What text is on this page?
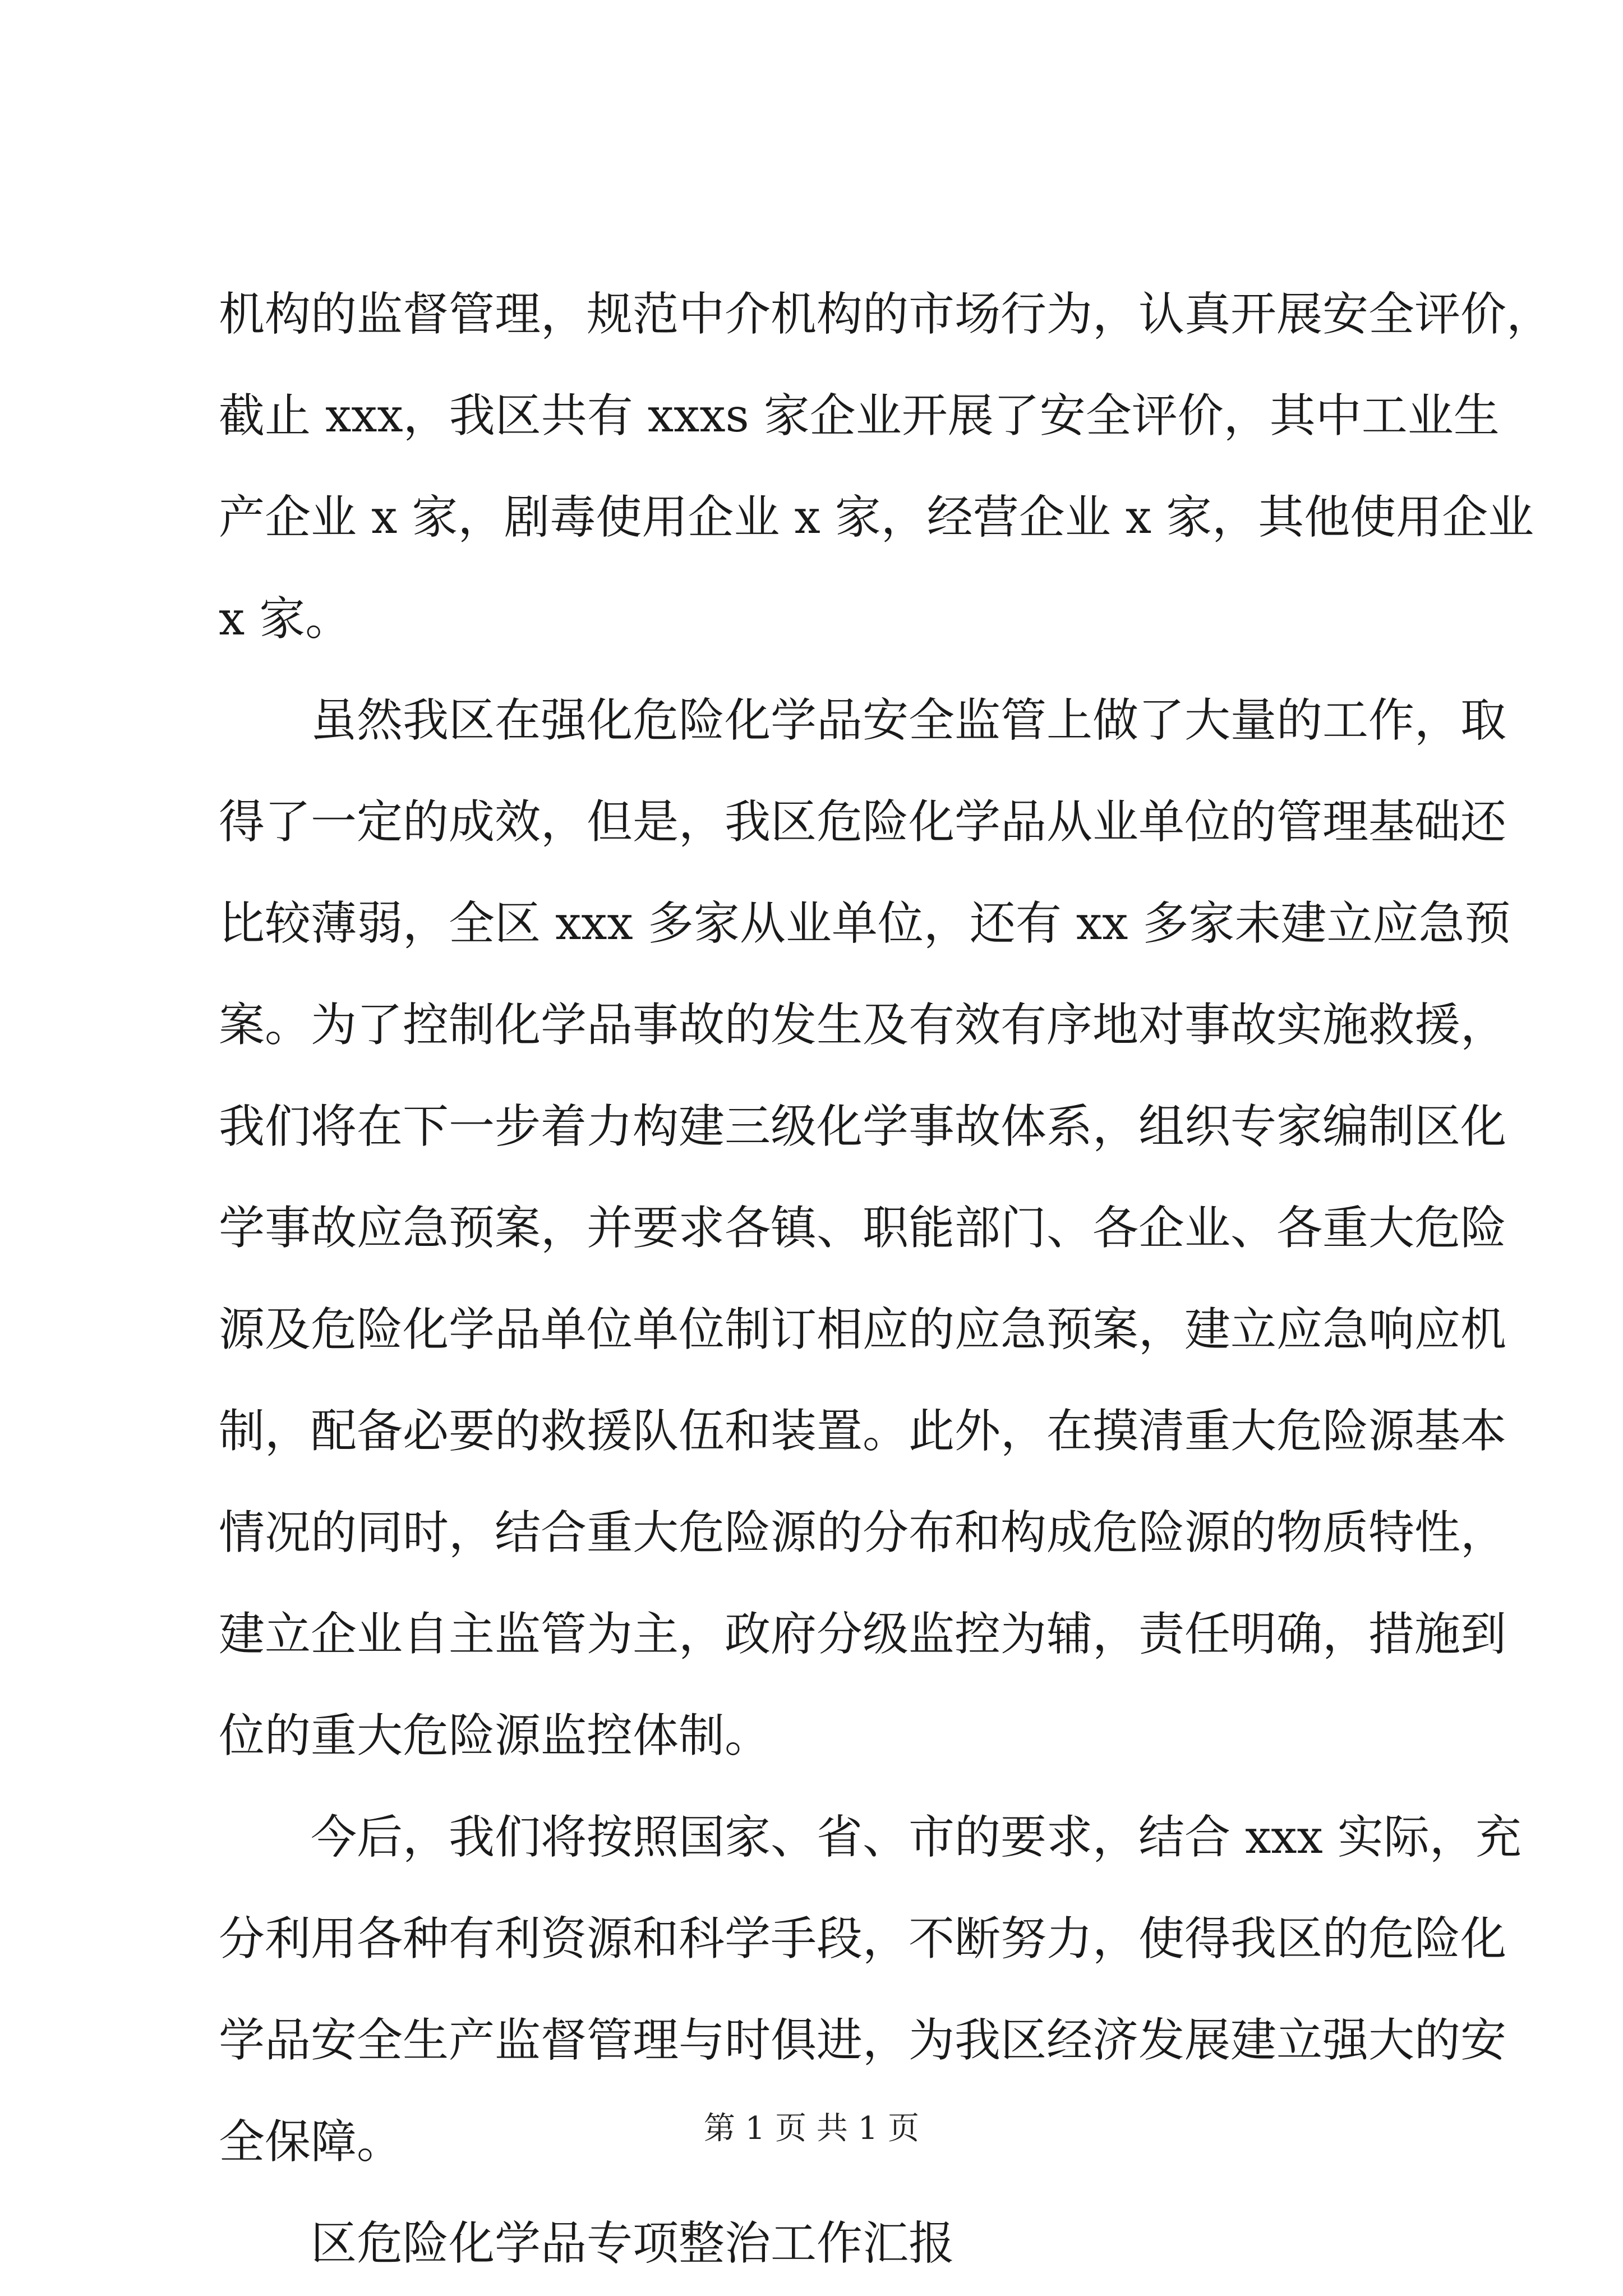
机构的监督管理，规范中介机构的市场行为，认真开展安全评价，
截止 xxx，我区共有 xxxs 家企业开展了安全评价，其中工业生
产企业 x 家，剧毒使用企业 x 家，经营企业 x 家，其他使用企业
x 家。
虽然我区在强化危险化学品安全监管上做了大量的工作，取
得了一定的成效，但是，我区危险化学品从业单位的管理基础还
比较薄弱，全区 xxx 多家从业单位，还有 xx 多家未建立应急预
案。为了控制化学品事故的发生及有效有序地对事故实施救援，
我们将在下一步着力构建三级化学事故体系，组织专家编制区化
学事故应急预案，并要求各镇、职能部门、各企业、各重大危险
源及危险化学品单位单位制订相应的应急预案，建立应急响应机
制，配备必要的救援队伍和装置。此外，在摸清重大危险源基本
情况的同时，结合重大危险源的分布和构成危险源的物质特性，
建立企业自主监管为主，政府分级监控为辅，责任明确，措施到
位的重大危险源监控体制。
今后，我们将按照国家、省、市的要求，结合 xxx 实际，充
分利用各种有利资源和科学手段，不断努力，使得我区的危险化
学品安全生产监督管理与时俱进，为我区经济发展建立强大的安
全保障。
区危险化学品专项整治工作汇报
第 1 页 共 1 页
